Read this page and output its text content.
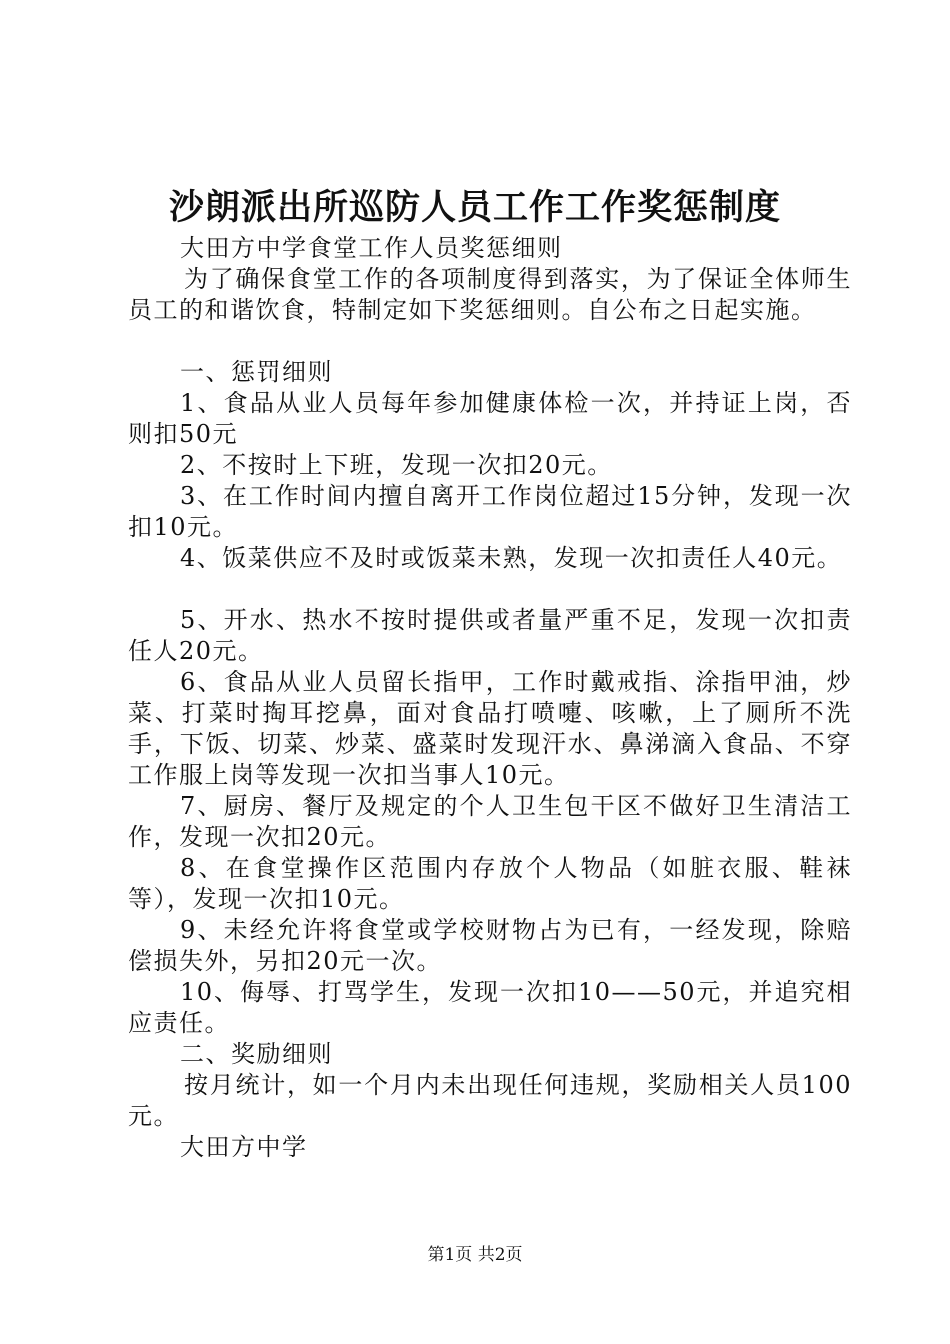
沙朗派出所巡防人员工作工作奖惩制度

大田方中学食堂工作人员奖惩细则

为了确保食堂工作的各项制度得到落实，为了保证全体师生员工的和谐饮食，特制定如下奖惩细则。自公布之日起实施。

一、惩罚细则

1、食品从业人员每年参加健康体检一次，并持证上岗，否则扣50元

2、不按时上下班，发现一次扣20元。

3、在工作时间内擅自离开工作岗位超过15分钟，发现一次扣10元。

4、饭菜供应不及时或饭菜未熟，发现一次扣责任人40元。

5、开水、热水不按时提供或者量严重不足，发现一次扣责任人20元。

6、食品从业人员留长指甲，工作时戴戒指、涂指甲油，炒菜、打菜时掏耳挖鼻，面对食品打喷嚏、咳嗽，上了厕所不洗手，下饭、切菜、炒菜、盛菜时发现汗水、鼻涕滴入食品、不穿工作服上岗等发现一次扣当事人10元。

7、厨房、餐厅及规定的个人卫生包干区不做好卫生清洁工作，发现一次扣20元。

8、在食堂操作区范围内存放个人物品（如脏衣服、鞋袜等），发现一次扣10元。

9、未经允许将食堂或学校财物占为已有，一经发现，除赔偿损失外，另扣20元一次。

10、侮辱、打骂学生，发现一次扣10——50元，并追究相应责任。

二、奖励细则

按月统计，如一个月内未出现任何违规，奖励相关人员100元。

大田方中学

第1页 共2页
